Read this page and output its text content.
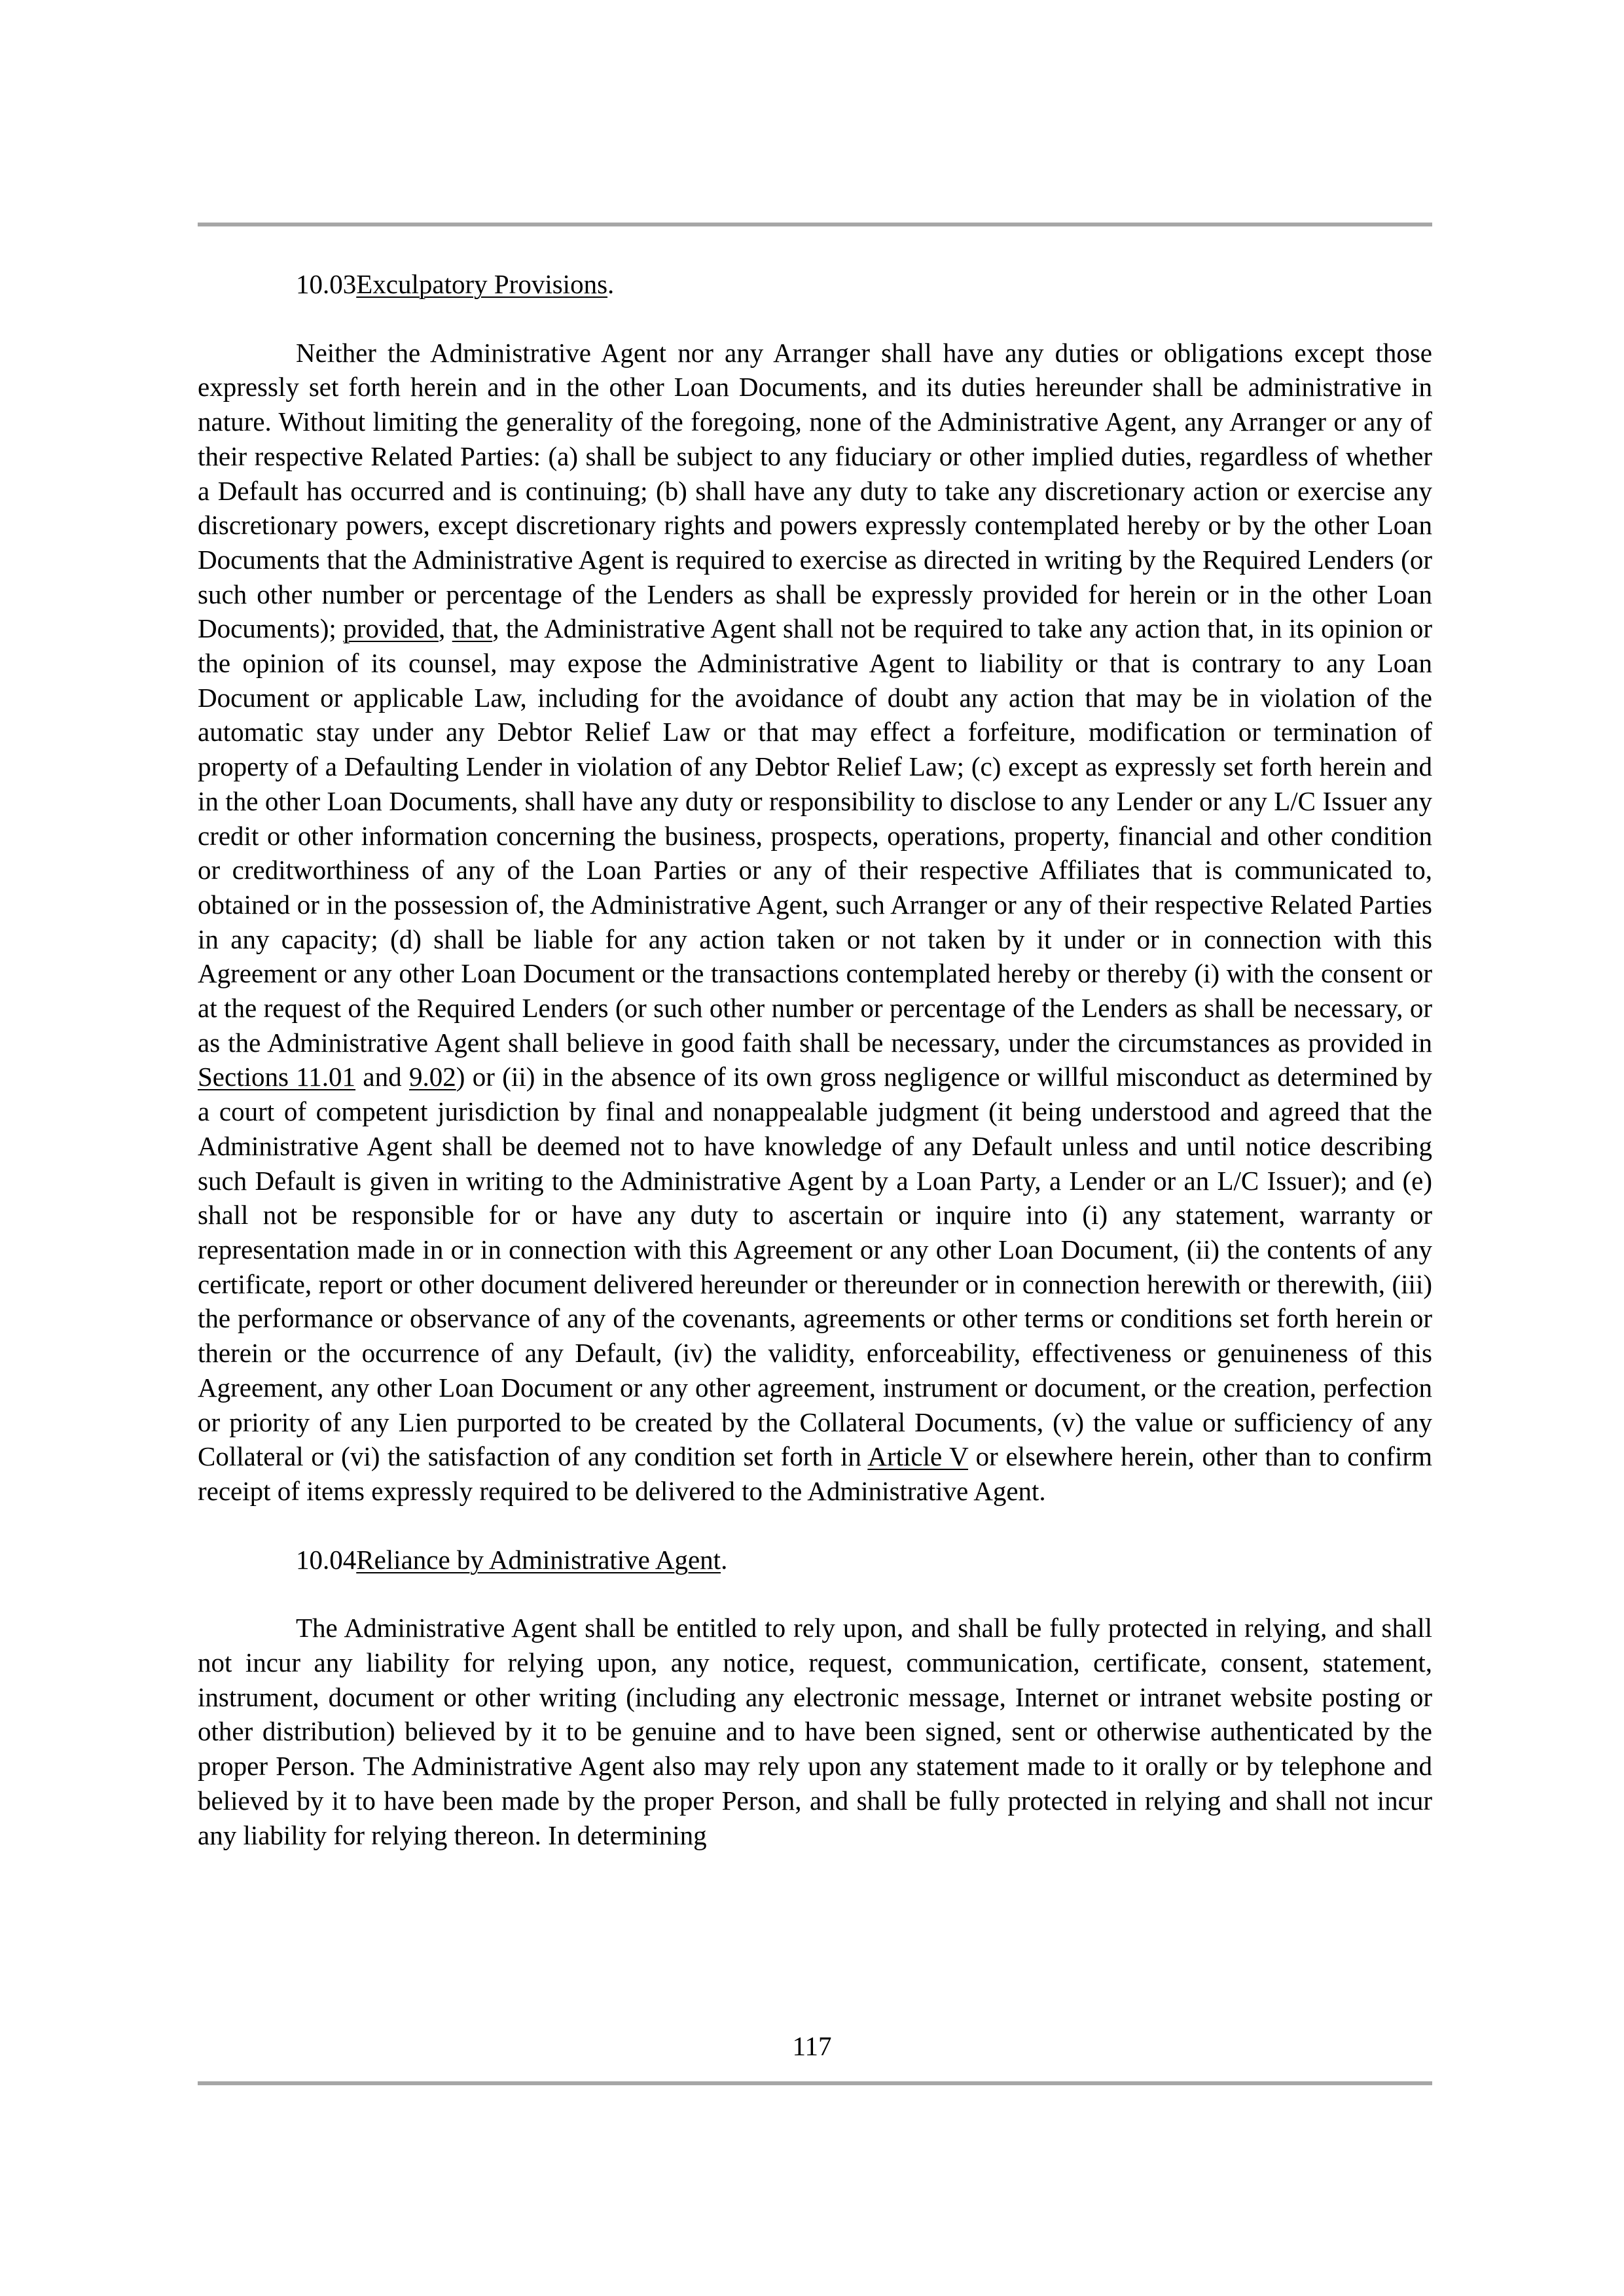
10.03Exculpatory Provisions.

Neither the Administrative Agent nor any Arranger shall have any duties or obligations except those expressly set forth herein and in the other Loan Documents, and its duties hereunder shall be administrative in nature. Without limiting the generality of the foregoing, none of the Administrative Agent, any Arranger or any of their respective Related Parties: (a) shall be subject to any fiduciary or other implied duties, regardless of whether a Default has occurred and is continuing; (b) shall have any duty to take any discretionary action or exercise any discretionary powers, except discretionary rights and powers expressly contemplated hereby or by the other Loan Documents that the Administrative Agent is required to exercise as directed in writing by the Required Lenders (or such other number or percentage of the Lenders as shall be expressly provided for herein or in the other Loan Documents); provided, that, the Administrative Agent shall not be required to take any action that, in its opinion or the opinion of its counsel, may expose the Administrative Agent to liability or that is contrary to any Loan Document or applicable Law, including for the avoidance of doubt any action that may be in violation of the automatic stay under any Debtor Relief Law or that may effect a forfeiture, modification or termination of property of a Defaulting Lender in violation of any Debtor Relief Law; (c) except as expressly set forth herein and in the other Loan Documents, shall have any duty or responsibility to disclose to any Lender or any L/C Issuer any credit or other information concerning the business, prospects, operations, property, financial and other condition or creditworthiness of any of the Loan Parties or any of their respective Affiliates that is communicated to, obtained or in the possession of, the Administrative Agent, such Arranger or any of their respective Related Parties in any capacity; (d) shall be liable for any action taken or not taken by it under or in connection with this Agreement or any other Loan Document or the transactions contemplated hereby or thereby (i) with the consent or at the request of the Required Lenders (or such other number or percentage of the Lenders as shall be necessary, or as the Administrative Agent shall believe in good faith shall be necessary, under the circumstances as provided in Sections 11.01 and 9.02) or (ii) in the absence of its own gross negligence or willful misconduct as determined by a court of competent jurisdiction by final and nonappealable judgment (it being understood and agreed that the Administrative Agent shall be deemed not to have knowledge of any Default unless and until notice describing such Default is given in writing to the Administrative Agent by a Loan Party, a Lender or an L/C Issuer); and (e) shall not be responsible for or have any duty to ascertain or inquire into (i) any statement, warranty or representation made in or in connection with this Agreement or any other Loan Document, (ii) the contents of any certificate, report or other document delivered hereunder or thereunder or in connection herewith or therewith, (iii) the performance or observance of any of the covenants, agreements or other terms or conditions set forth herein or therein or the occurrence of any Default, (iv) the validity, enforceability, effectiveness or genuineness of this Agreement, any other Loan Document or any other agreement, instrument or document, or the creation, perfection or priority of any Lien purported to be created by the Collateral Documents, (v) the value or sufficiency of any Collateral or (vi) the satisfaction of any condition set forth in Article V or elsewhere herein, other than to confirm receipt of items expressly required to be delivered to the Administrative Agent.

10.04Reliance by Administrative Agent.

The Administrative Agent shall be entitled to rely upon, and shall be fully protected in relying, and shall not incur any liability for relying upon, any notice, request, communication, certificate, consent, statement, instrument, document or other writing (including any electronic message, Internet or intranet website posting or other distribution) believed by it to be genuine and to have been signed, sent or otherwise authenticated by the proper Person. The Administrative Agent also may rely upon any statement made to it orally or by telephone and believed by it to have been made by the proper Person, and shall be fully protected in relying and shall not incur any liability for relying thereon. In determining

117
